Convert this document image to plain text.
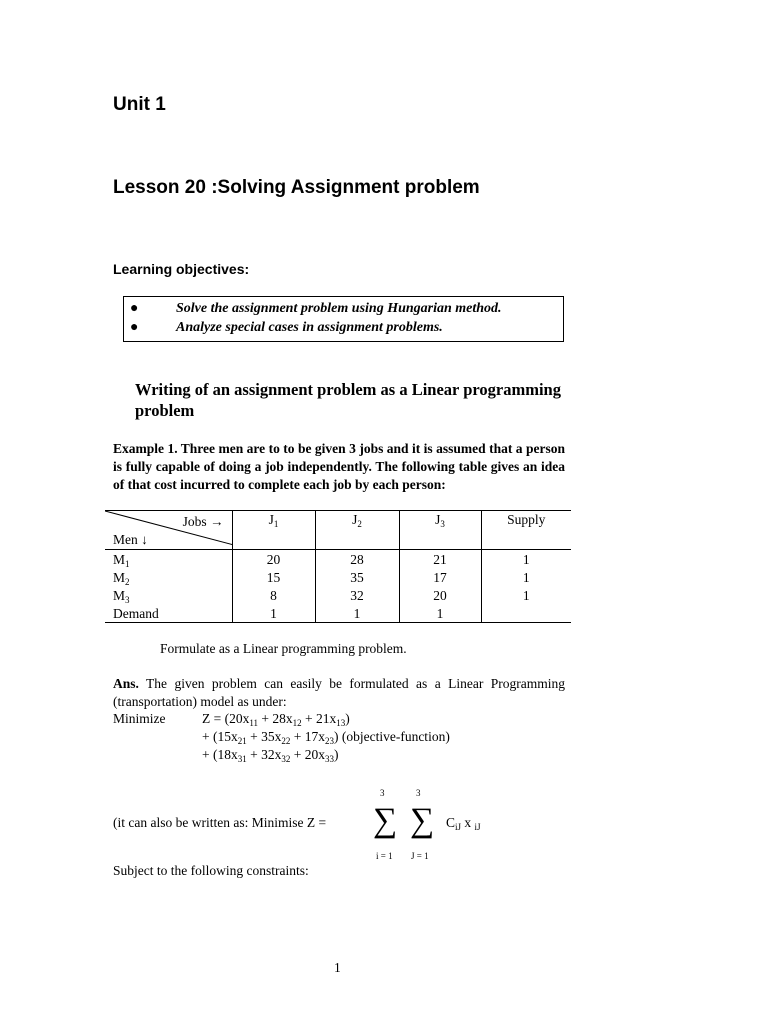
Unit 1
Lesson 20 :Solving Assignment problem
Learning objectives:
●	Solve the assignment problem using Hungarian method.
●	Analyze special cases in assignment problems.
Writing of an assignment problem as a Linear programming problem
Example 1. Three men are to to be given 3 jobs and it is assumed that a person is fully capable of doing a job independently. The following table gives an idea of that cost incurred to complete each job by each person:
Jobs →
Men ↓	$J_1$	$J_2$	$J_3$	Supply
$M_1$	20	28	21	1
$M_2$	15	35	17	1
$M_3$	8	32	20	1
Demand	1	1	1	
Formulate as a Linear programming problem.
Ans. The given problem can easily be formulated as a Linear Programming (transportation) model as under:
Minimize	$Z = (20x_{11} + 28x_{12} + 21x_{13})$
+ $(15x_{21} + 35x_{22} + 17x_{23})$ (objective-function)
+ $(18x_{31} + 32x_{32} + 20x_{33})$
(it can also be written as: Minimise Z =
3	3
∑ ∑
i = 1 J = 1
$C_{iJ}$ x $_{iJ}$
Subject to the following constraints:
1
